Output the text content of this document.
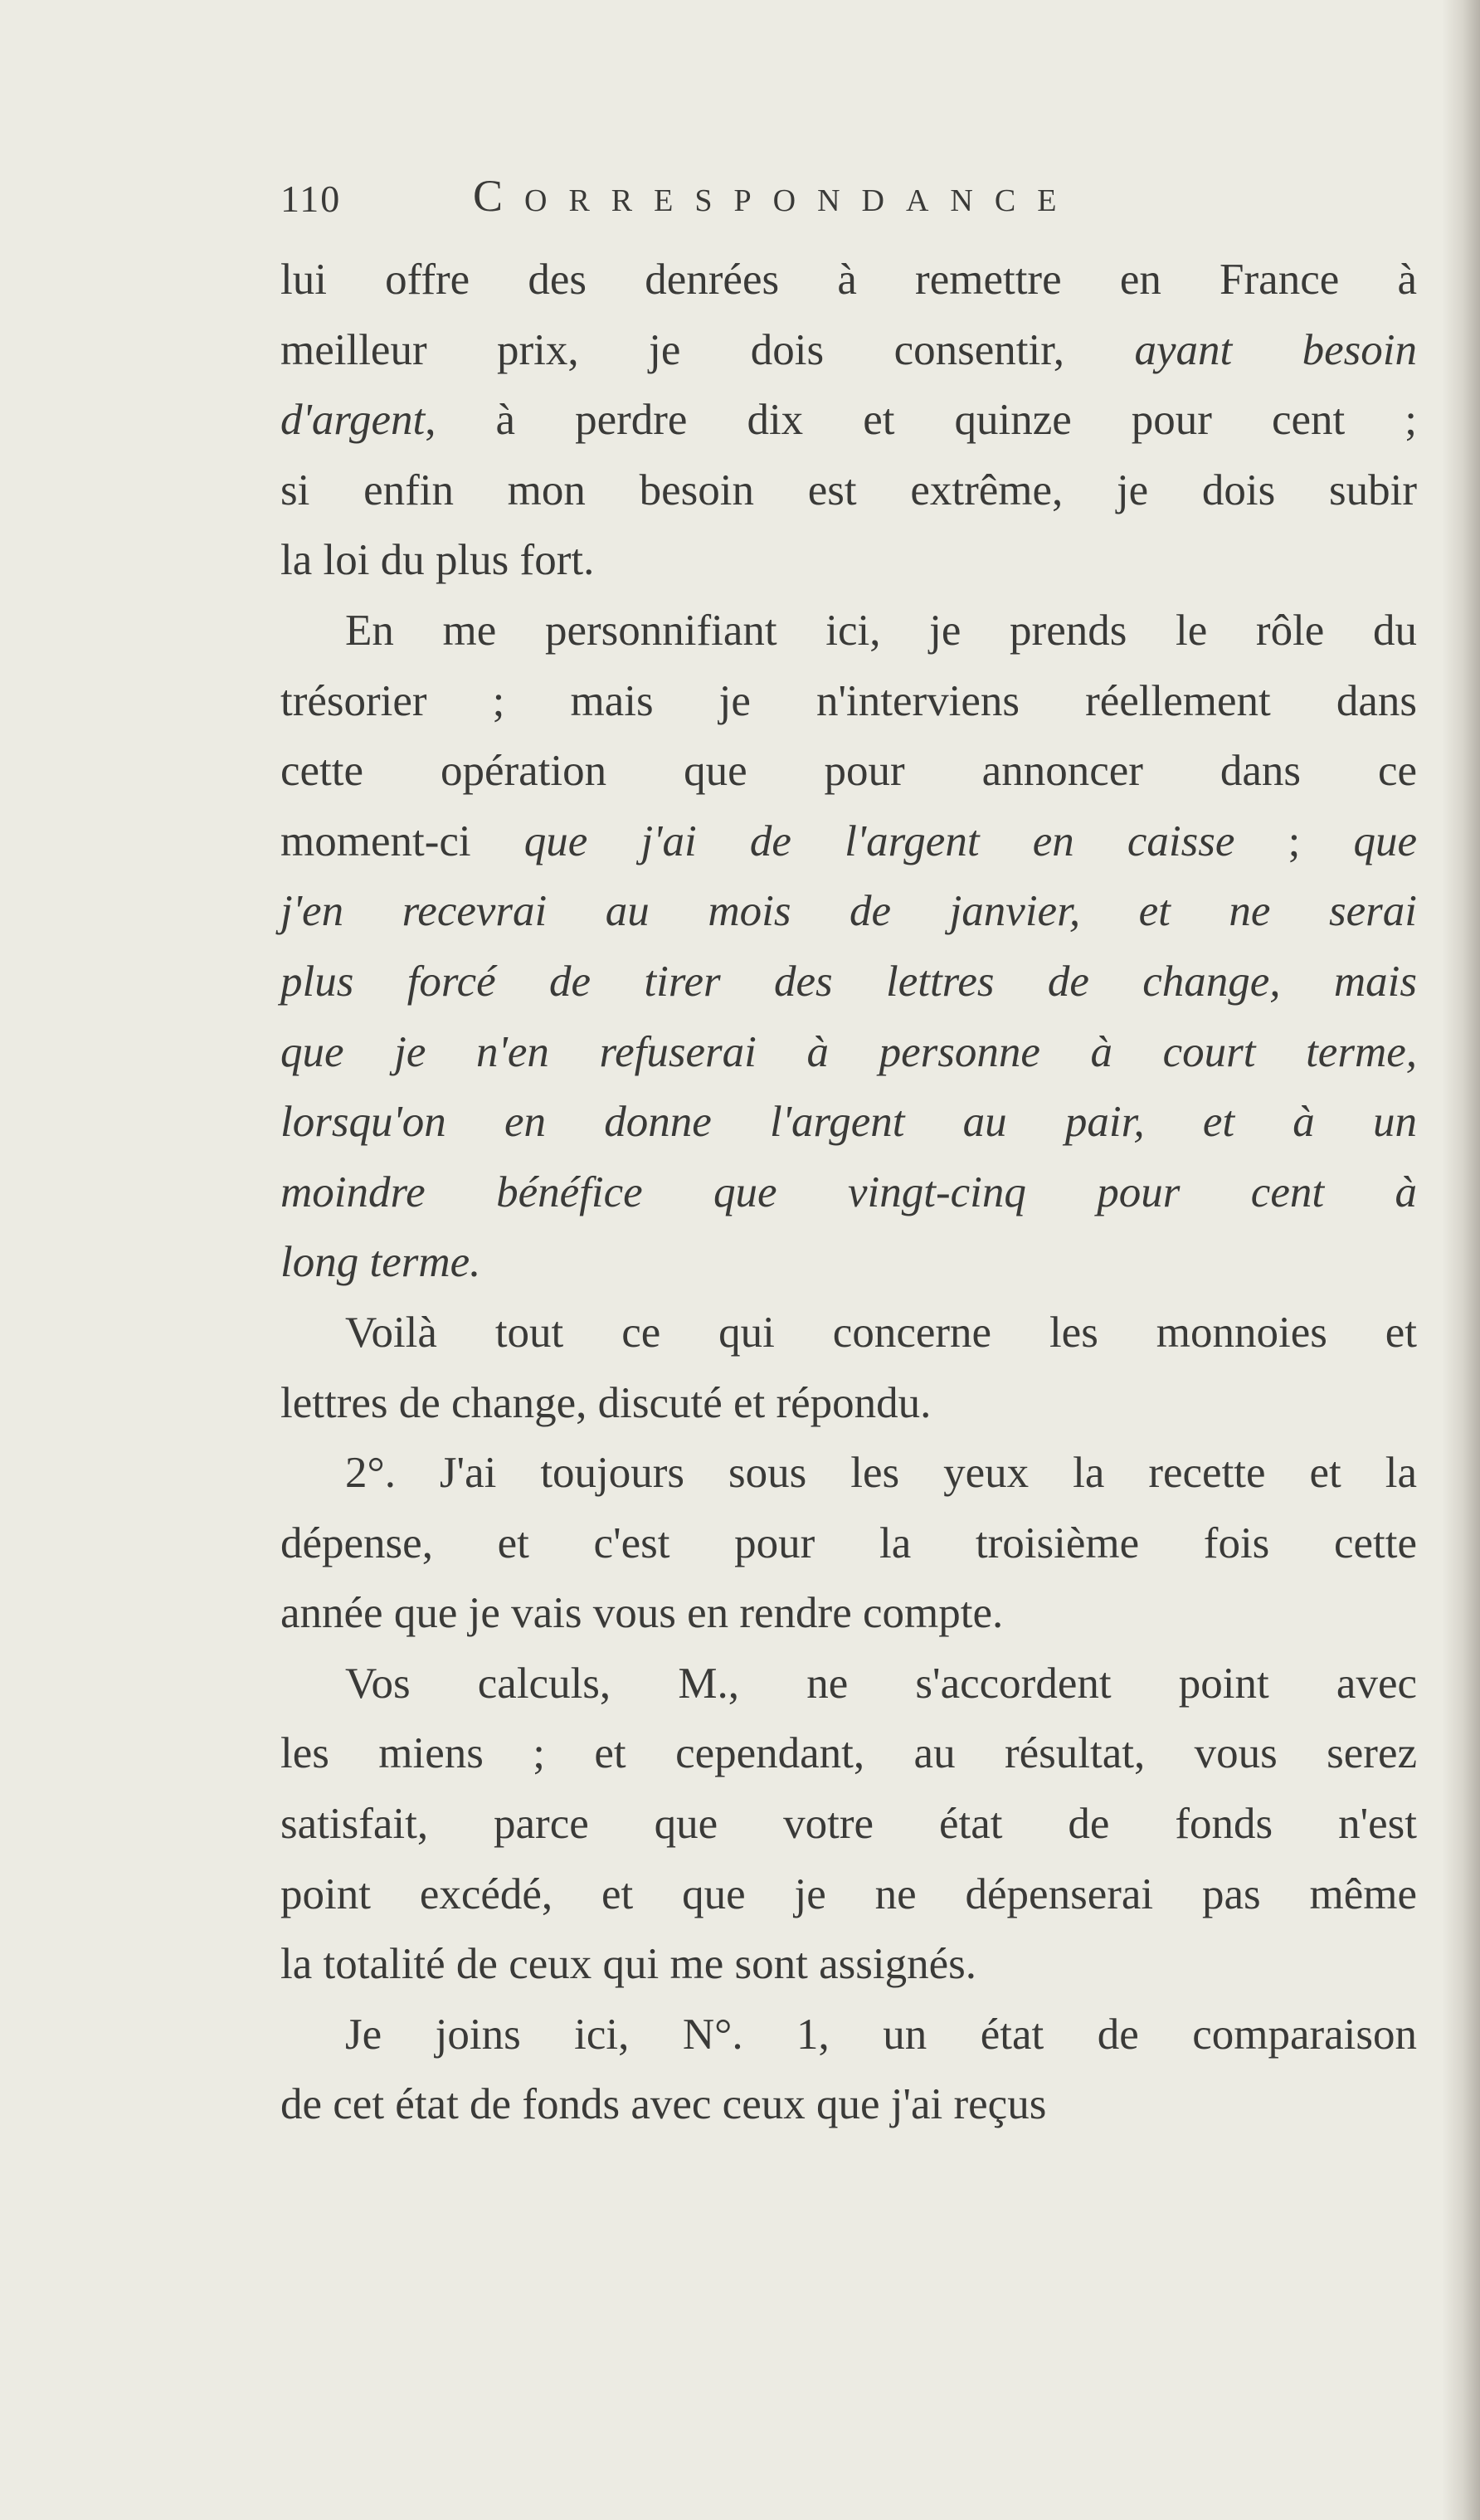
110	Correspondance
lui offre des denrées à remettre en France à
meilleur prix, je dois consentir, ayant besoin
d'argent, à perdre dix et quinze pour cent ;
si enfin mon besoin est extrême, je dois subir
la loi du plus fort.
En me personnifiant ici, je prends le rôle du
trésorier ; mais je n'interviens réellement dans
cette opération que pour annoncer dans ce
moment-ci que j'ai de l'argent en caisse ; que
j'en recevrai au mois de janvier, et ne serai
plus forcé de tirer des lettres de change, mais
que je n'en refuserai à personne à court terme,
lorsqu'on en donne l'argent au pair, et à un
moindre bénéfice que vingt-cinq pour cent à
long terme.
Voilà tout ce qui concerne les monnoies et
lettres de change, discuté et répondu.
2°. J'ai toujours sous les yeux la recette et la
dépense, et c'est pour la troisième fois cette
année que je vais vous en rendre compte.
Vos calculs, M., ne s'accordent point avec
les miens ; et cependant, au résultat, vous serez
satisfait, parce que votre état de fonds n'est
point excédé, et que je ne dépenserai pas même
la totalité de ceux qui me sont assignés.
Je joins ici, N°. 1, un état de comparaison
de cet état de fonds avec ceux que j'ai reçus
